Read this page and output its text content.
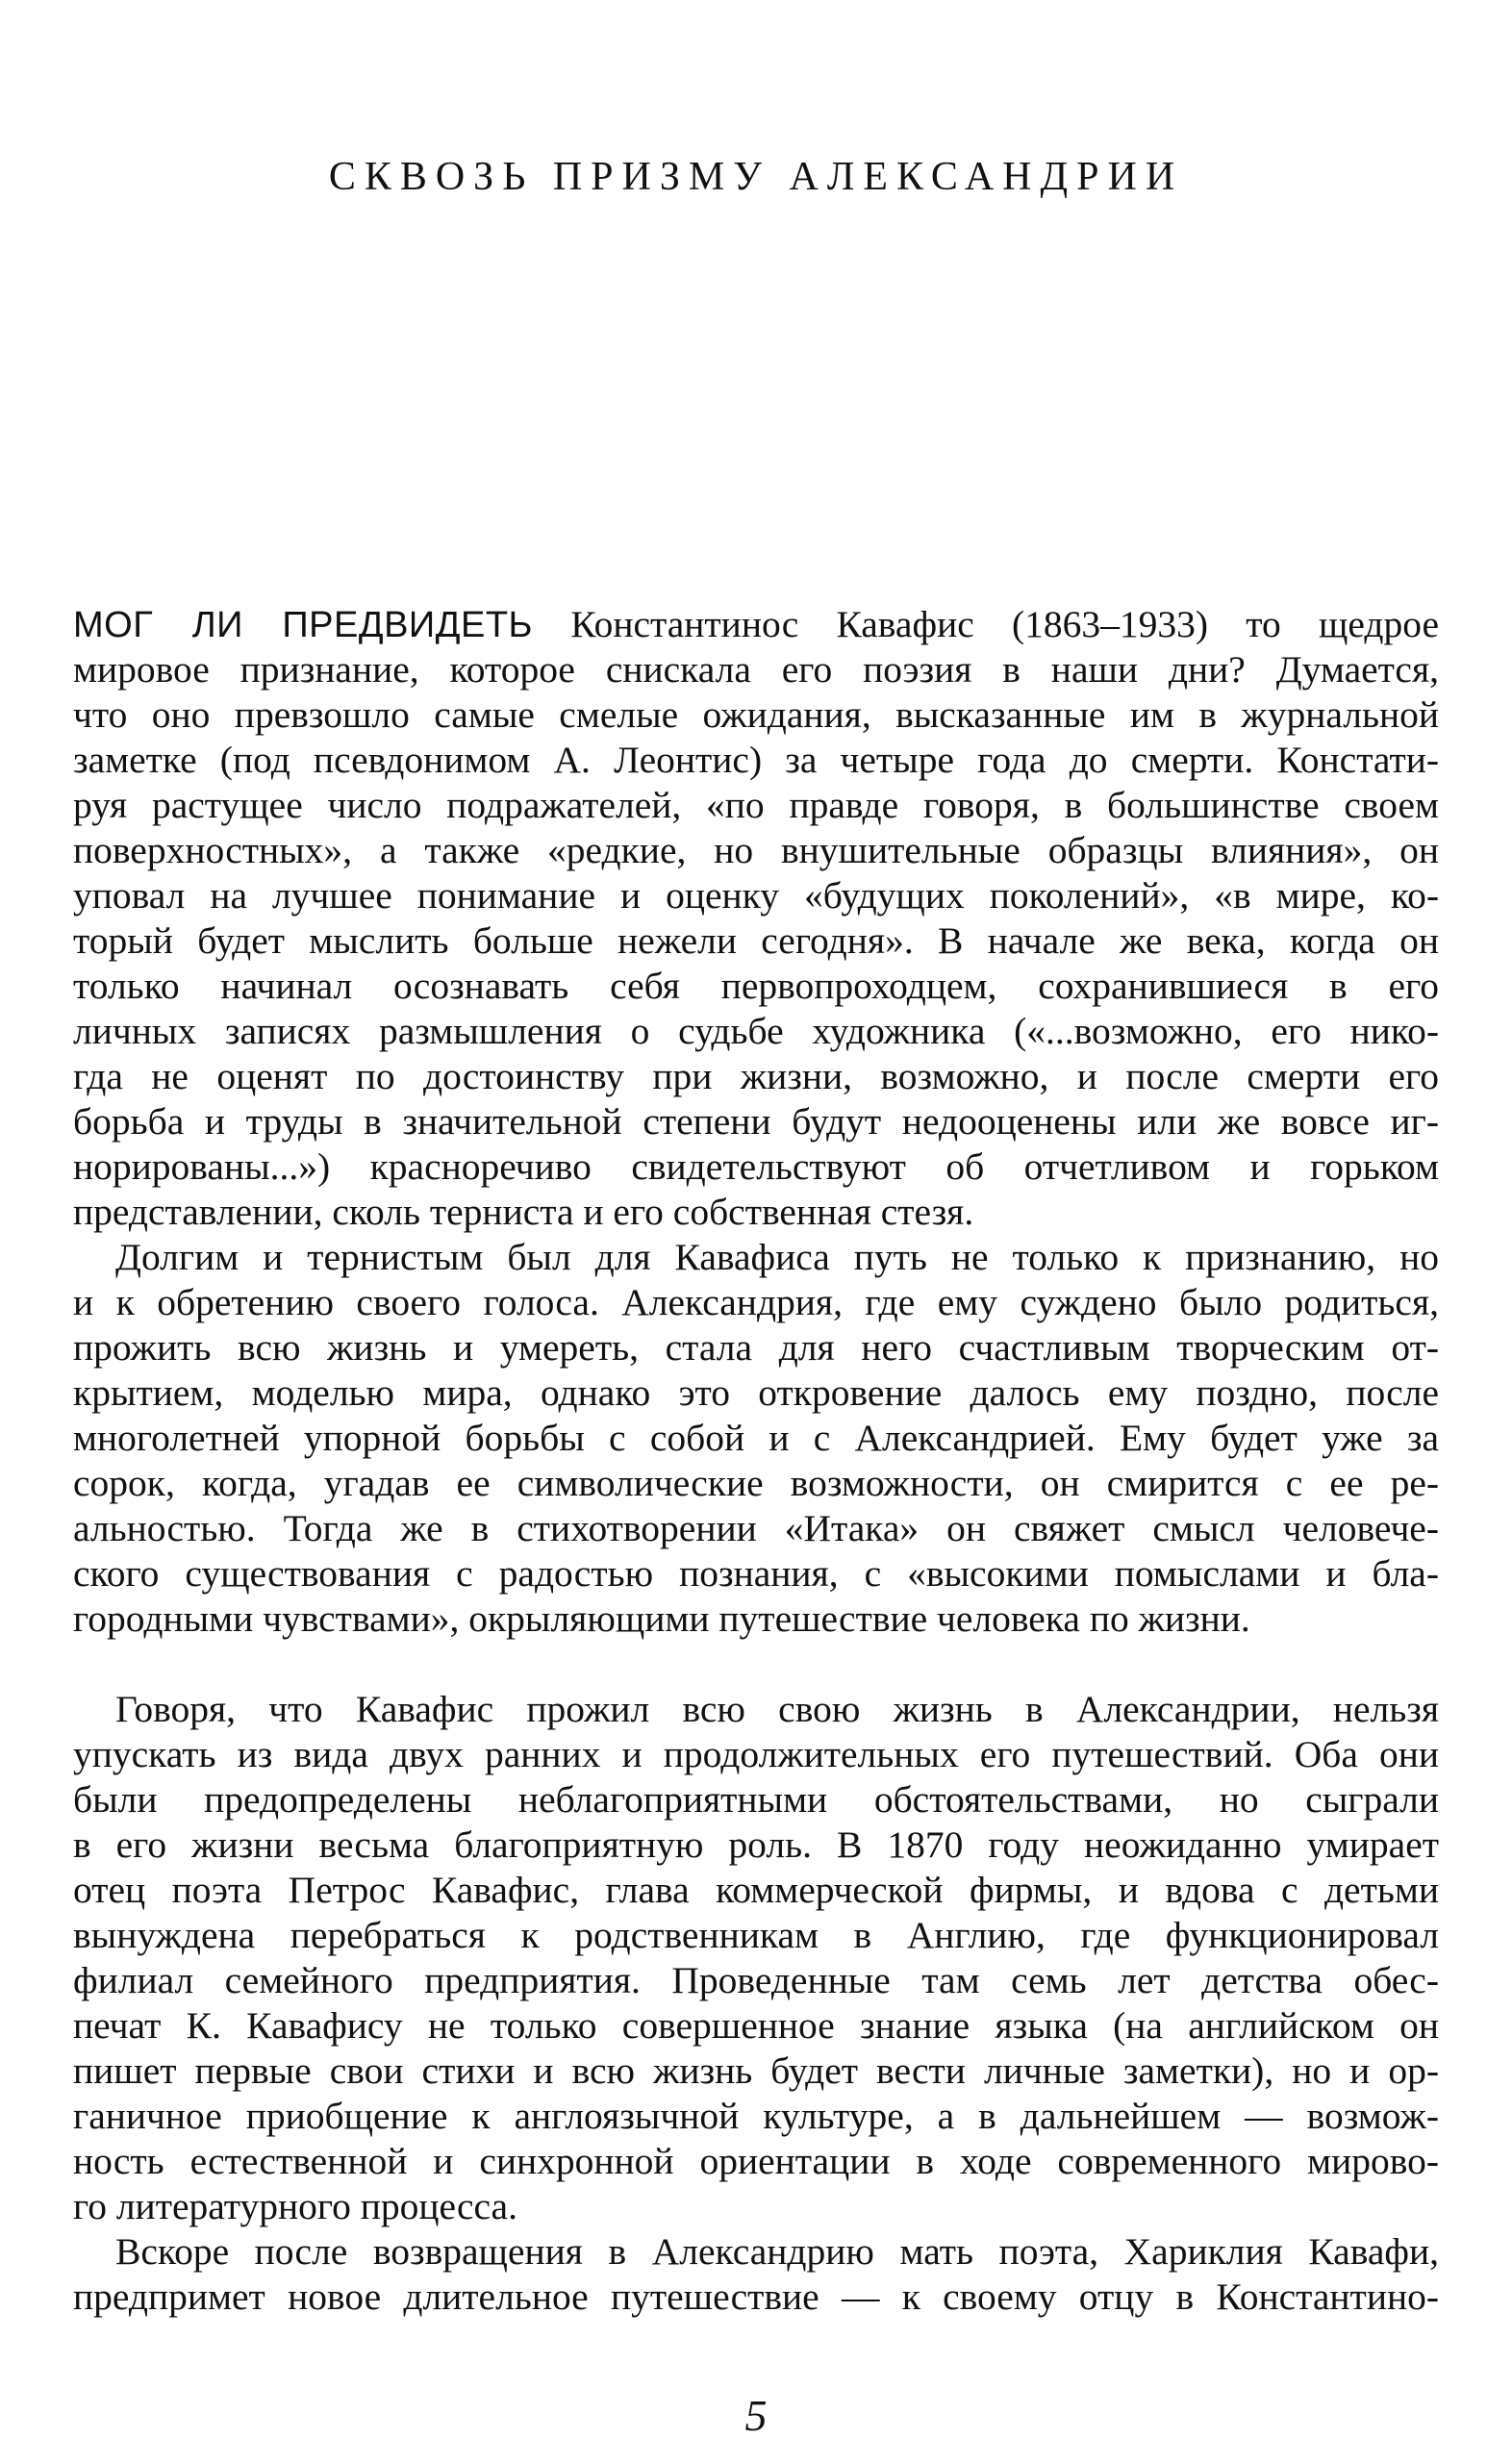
СКВОЗЬ ПРИЗМУ АЛЕКСАНДРИИ
МОГ ЛИ ПРЕДВИДЕТЬ Константинос Кавафис (1863–1933) то щедрое
мировое признание, которое снискала его поэзия в наши дни? Думается,
что оно превзошло самые смелые ожидания, высказанные им в журнальной
заметке (под псевдонимом А. Леонтис) за четыре года до смерти. Констати-
руя растущее число подражателей, «по правде говоря, в большинстве своем
поверхностных», а также «редкие, но внушительные образцы влияния», он
уповал на лучшее понимание и оценку «будущих поколений», «в мире, ко-
торый будет мыслить больше нежели сегодня». В начале же века, когда он
только начинал осознавать себя первопроходцем, сохранившиеся в его
личных записях размышления о судьбе художника («...возможно, его нико-
гда не оценят по достоинству при жизни, возможно, и после смерти его
борьба и труды в значительной степени будут недооценены или же вовсе иг-
норированы...») красноречиво свидетельствуют об отчетливом и горьком
представлении, сколь терниста и его собственная стезя.
Долгим и тернистым был для Кавафиса путь не только к признанию, но
и к обретению своего голоса. Александрия, где ему суждено было родиться,
прожить всю жизнь и умереть, стала для него счастливым творческим от-
крытием, моделью мира, однако это откровение далось ему поздно, после
многолетней упорной борьбы с собой и с Александрией. Ему будет уже за
сорок, когда, угадав ее символические возможности, он смирится с ее ре-
альностью. Тогда же в стихотворении «Итака» он свяжет смысл человече-
ского существования с радостью познания, с «высокими помыслами и бла-
городными чувствами», окрыляющими путешествие человека по жизни.
Говоря, что Кавафис прожил всю свою жизнь в Александрии, нельзя
упускать из вида двух ранних и продолжительных его путешествий. Оба они
были предопределены неблагоприятными обстоятельствами, но сыграли
в его жизни весьма благоприятную роль. В 1870 году неожиданно умирает
отец поэта Петрос Кавафис, глава коммерческой фирмы, и вдова с детьми
вынуждена перебраться к родственникам в Англию, где функционировал
филиал семейного предприятия. Проведенные там семь лет детства обес-
печат К. Кавафису не только совершенное знание языка (на английском он
пишет первые свои стихи и всю жизнь будет вести личные заметки), но и ор-
ганичное приобщение к англоязычной культуре, а в дальнейшем — возмож-
ность естественной и синхронной ориентации в ходе современного мирово-
го литературного процесса.
Вскоре после возвращения в Александрию мать поэта, Хариклия Кавафи,
предпримет новое длительное путешествие — к своему отцу в Константино-
5
